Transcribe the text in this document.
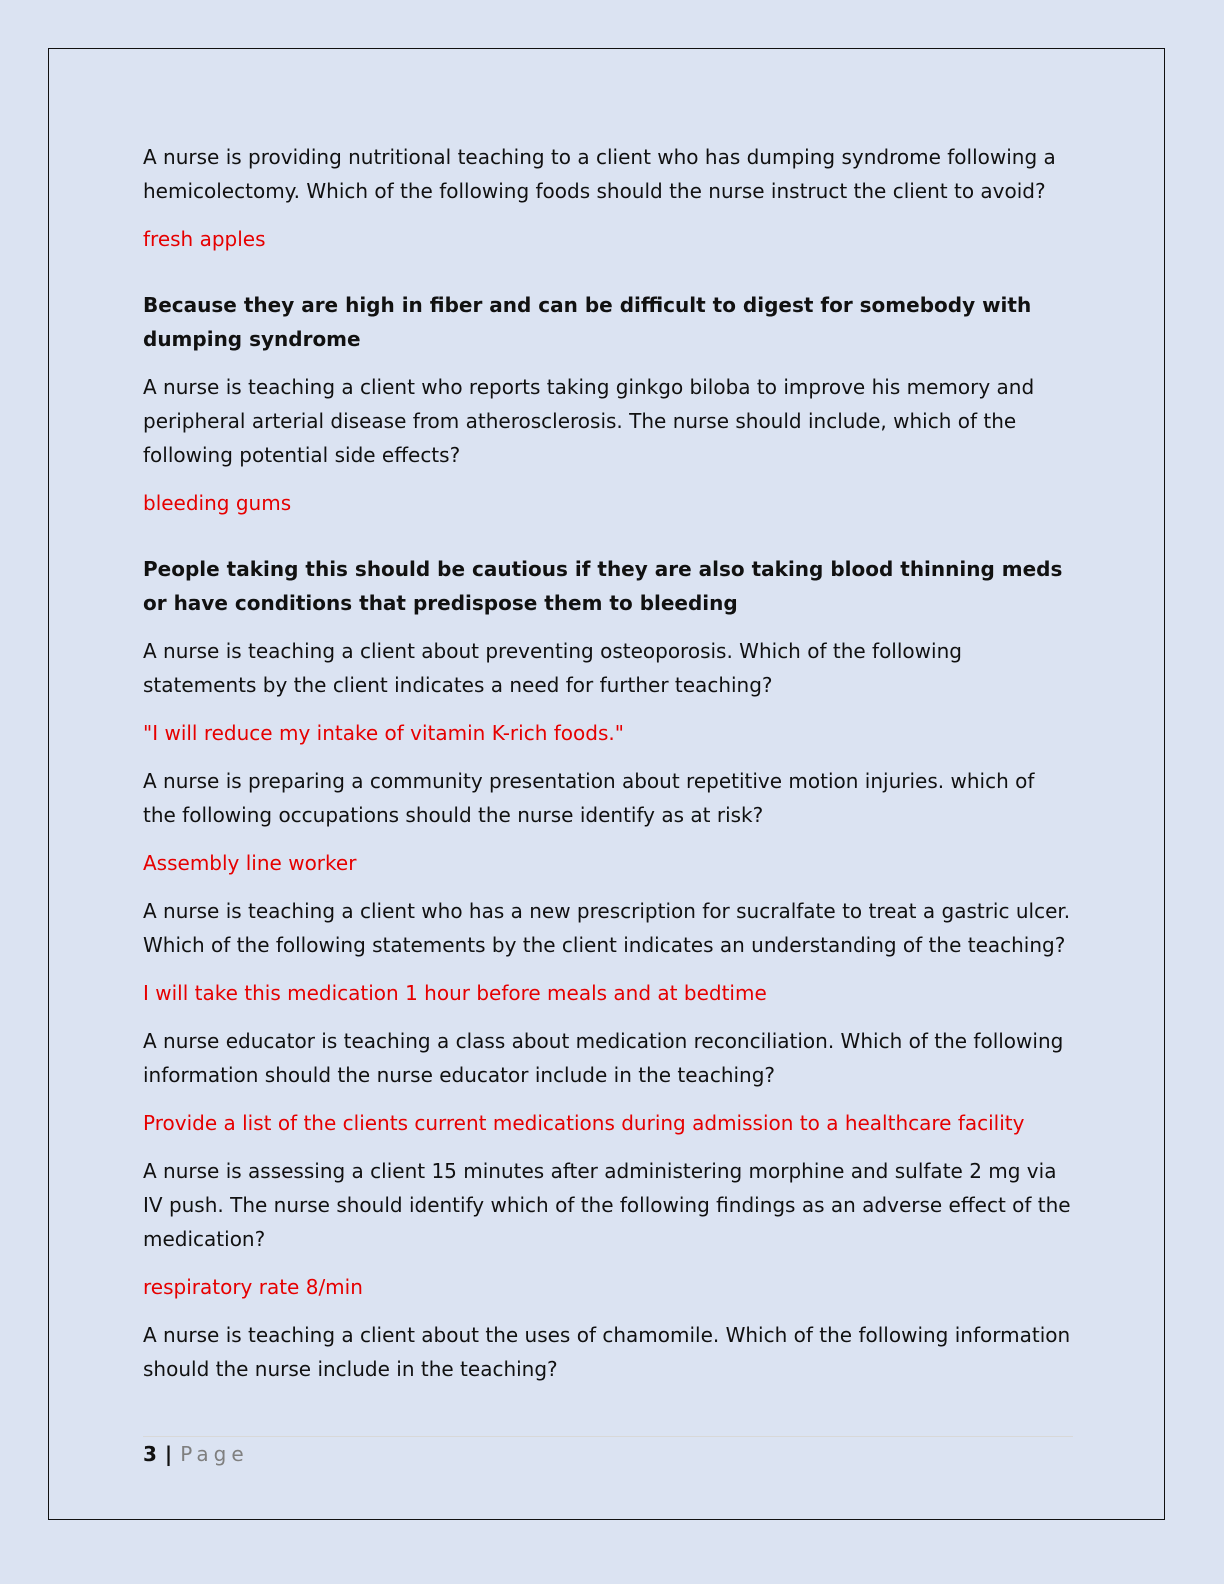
A nurse is providing nutritional teaching to a client who has dumping syndrome following a hemicolectomy. Which of the following foods should the nurse instruct the client to avoid?

fresh apples

Because they are high in fiber and can be difficult to digest for somebody with dumping syndrome

A nurse is teaching a client who reports taking ginkgo biloba to improve his memory and peripheral arterial disease from atherosclerosis. The nurse should include, which of the following potential side effects?

bleeding gums

People taking this should be cautious if they are also taking blood thinning meds or have conditions that predispose them to bleeding

A nurse is teaching a client about preventing osteoporosis. Which of the following statements by the client indicates a need for further teaching?

"I will reduce my intake of vitamin K-rich foods."

A nurse is preparing a community presentation about repetitive motion injuries. which of the following occupations should the nurse identify as at risk?

Assembly line worker

A nurse is teaching a client who has a new prescription for sucralfate to treat a gastric ulcer. Which of the following statements by the client indicates an understanding of the teaching?

I will take this medication 1 hour before meals and at bedtime

A nurse educator is teaching a class about medication reconciliation. Which of the following information should the nurse educator include in the teaching?

Provide a list of the clients current medications during admission to a healthcare facility

A nurse is assessing a client 15 minutes after administering morphine and sulfate 2 mg via IV push. The nurse should identify which of the following findings as an adverse effect of the medication?

respiratory rate 8/min

A nurse is teaching a client about the uses of chamomile. Which of the following information should the nurse include in the teaching?

3 | Page
